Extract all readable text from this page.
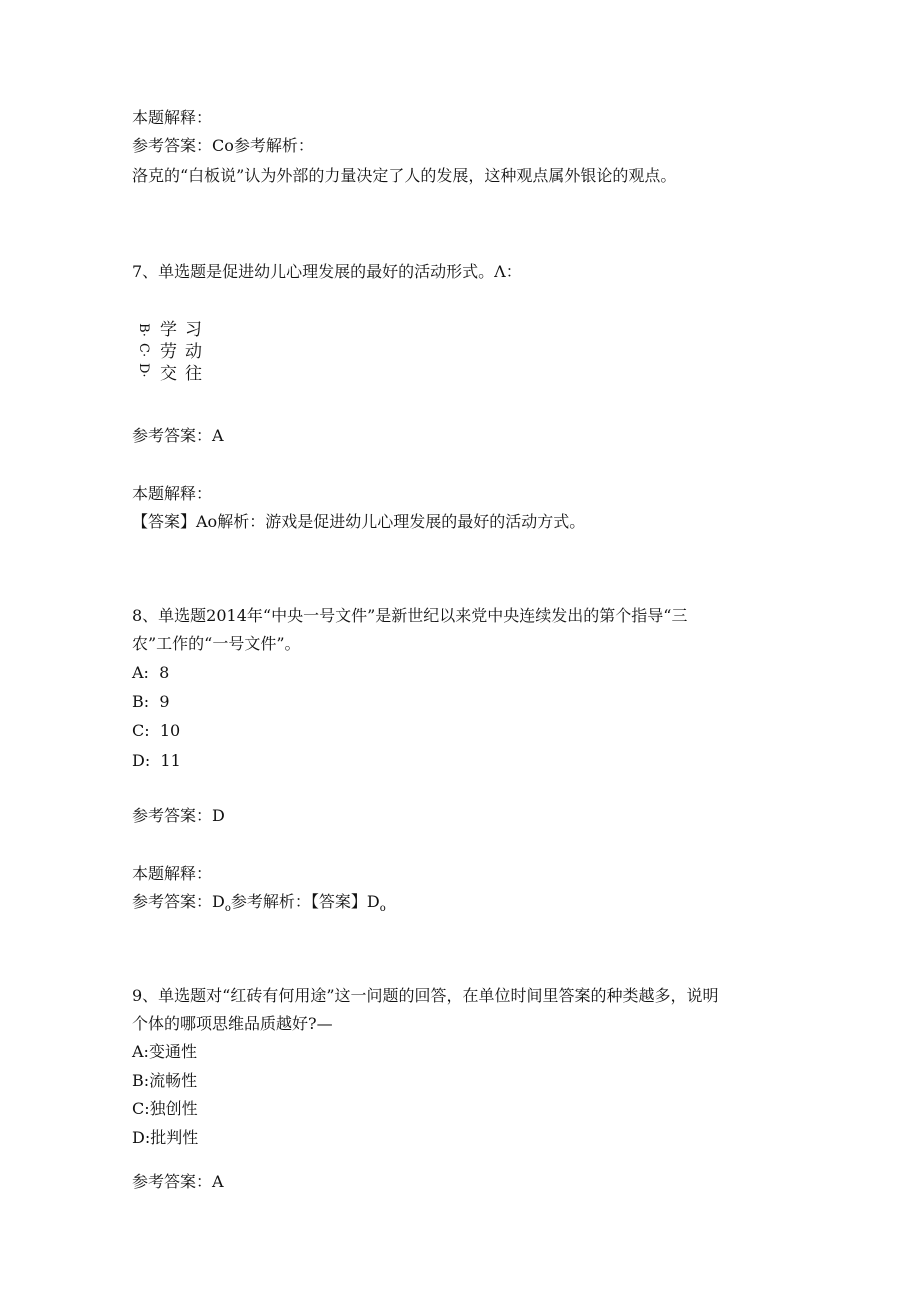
本题解释：
参考答案：Co参考解析：
洛克的“白板说”认为外部的力量决定了人的发展，这种观点属外银论的观点。
7、单选题是促进幼儿心理发展的最好的活动形式。Λ：
B·
C·
D·
学习
劳动
交往
参考答案：A
本题解释：
【答案】Ao解析：游戏是促进幼儿心理发展的最好的活动方式。
8、单选题2014年“中央一号文件”是新世纪以来党中央连续发出的第个指导“三
农”工作的“一号文件”。
A: 8
B: 9
C: 10
D: 11
参考答案：D
本题解释：
参考答案：$D_o$参考解析：【答案】$D_o$
9、单选题对“红砖有何用途”这一问题的回答，在单位时间里答案的种类越多，说明
个体的哪项思维品质越好?—
A:变通性
B:流畅性
C:独创性
D:批判性
参考答案：A
